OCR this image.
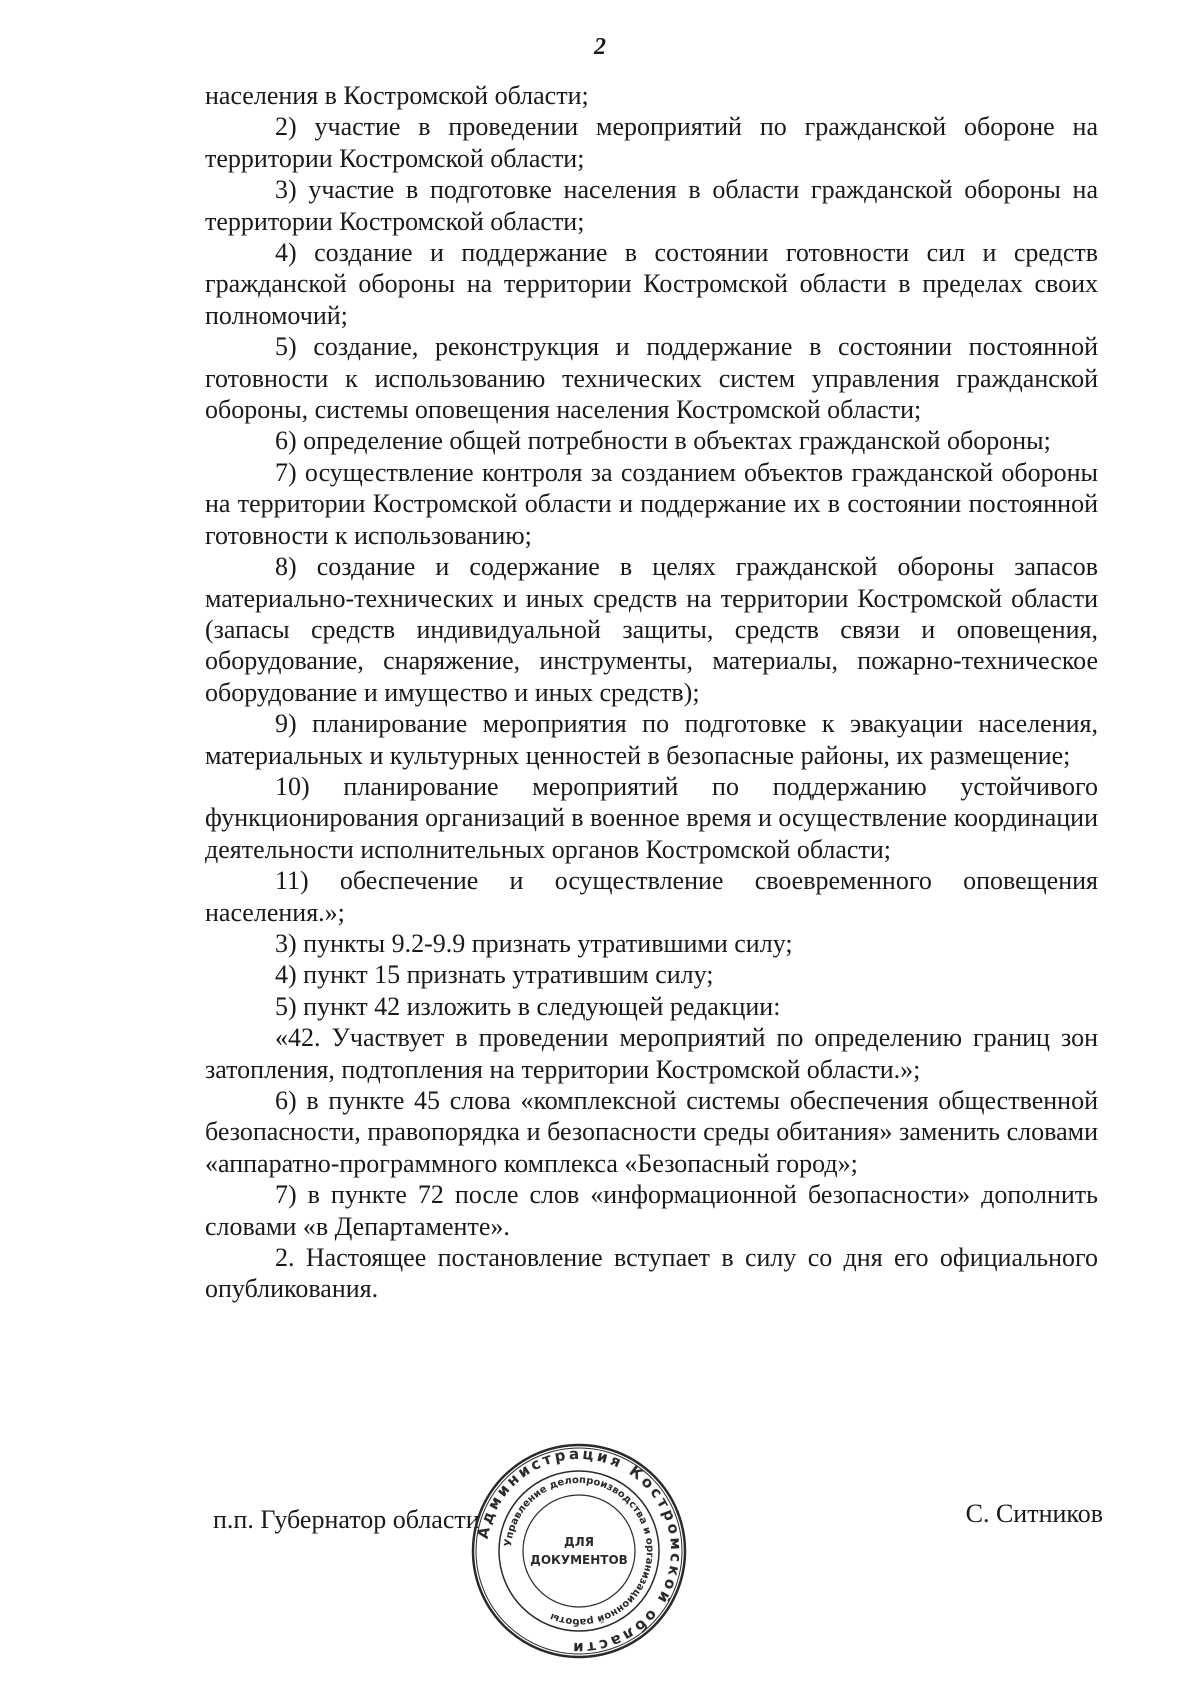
2

населения в Костромской области;

2) участие в проведении мероприятий по гражданской обороне на территории Костромской области;

3) участие в подготовке населения в области гражданской обороны на территории Костромской области;

4) создание и поддержание в состоянии готовности сил и средств гражданской обороны на территории Костромской области в пределах своих полномочий;

5) создание, реконструкция и поддержание в состоянии постоянной готовности к использованию технических систем управления гражданской обороны, системы оповещения населения Костромской области;

6) определение общей потребности в объектах гражданской обороны;

7) осуществление контроля за созданием объектов гражданской обороны на территории Костромской области и поддержание их в состоянии постоянной готовности к использованию;

8) создание и содержание в целях гражданской обороны запасов материально-технических и иных средств на территории Костромской области (запасы средств индивидуальной защиты, средств связи и оповещения, оборудование, снаряжение, инструменты, материалы, пожарно-техническое оборудование и имущество и иных средств);

9) планирование мероприятия по подготовке к эвакуации населения, материальных и культурных ценностей в безопасные районы, их размещение;

10) планирование мероприятий по поддержанию устойчивого функционирования организаций в военное время и осуществление координации деятельности исполнительных органов Костромской области;

11) обеспечение и осуществление своевременного оповещения населения.»;

3) пункты 9.2-9.9 признать утратившими силу;

4) пункт 15 признать утратившим силу;

5) пункт 42 изложить в следующей редакции:

«42. Участвует в проведении мероприятий по определению границ зон затопления, подтопления на территории Костромской области.»;

6) в пункте 45 слова «комплексной системы обеспечения общественной безопасности, правопорядка и безопасности среды обитания» заменить словами «аппаратно-программного комплекса «Безопасный город»;

7) в пункте 72 после слов «информационной безопасности» дополнить словами «в Департаменте».

2. Настоящее постановление вступает в силу со дня его официального опубликования.

п.п. Губернатор области	С. Ситников
Администрация Костромской области
Управление делопроизводства и организационной работы
ДЛЯ
ДОКУМЕНТОВ
